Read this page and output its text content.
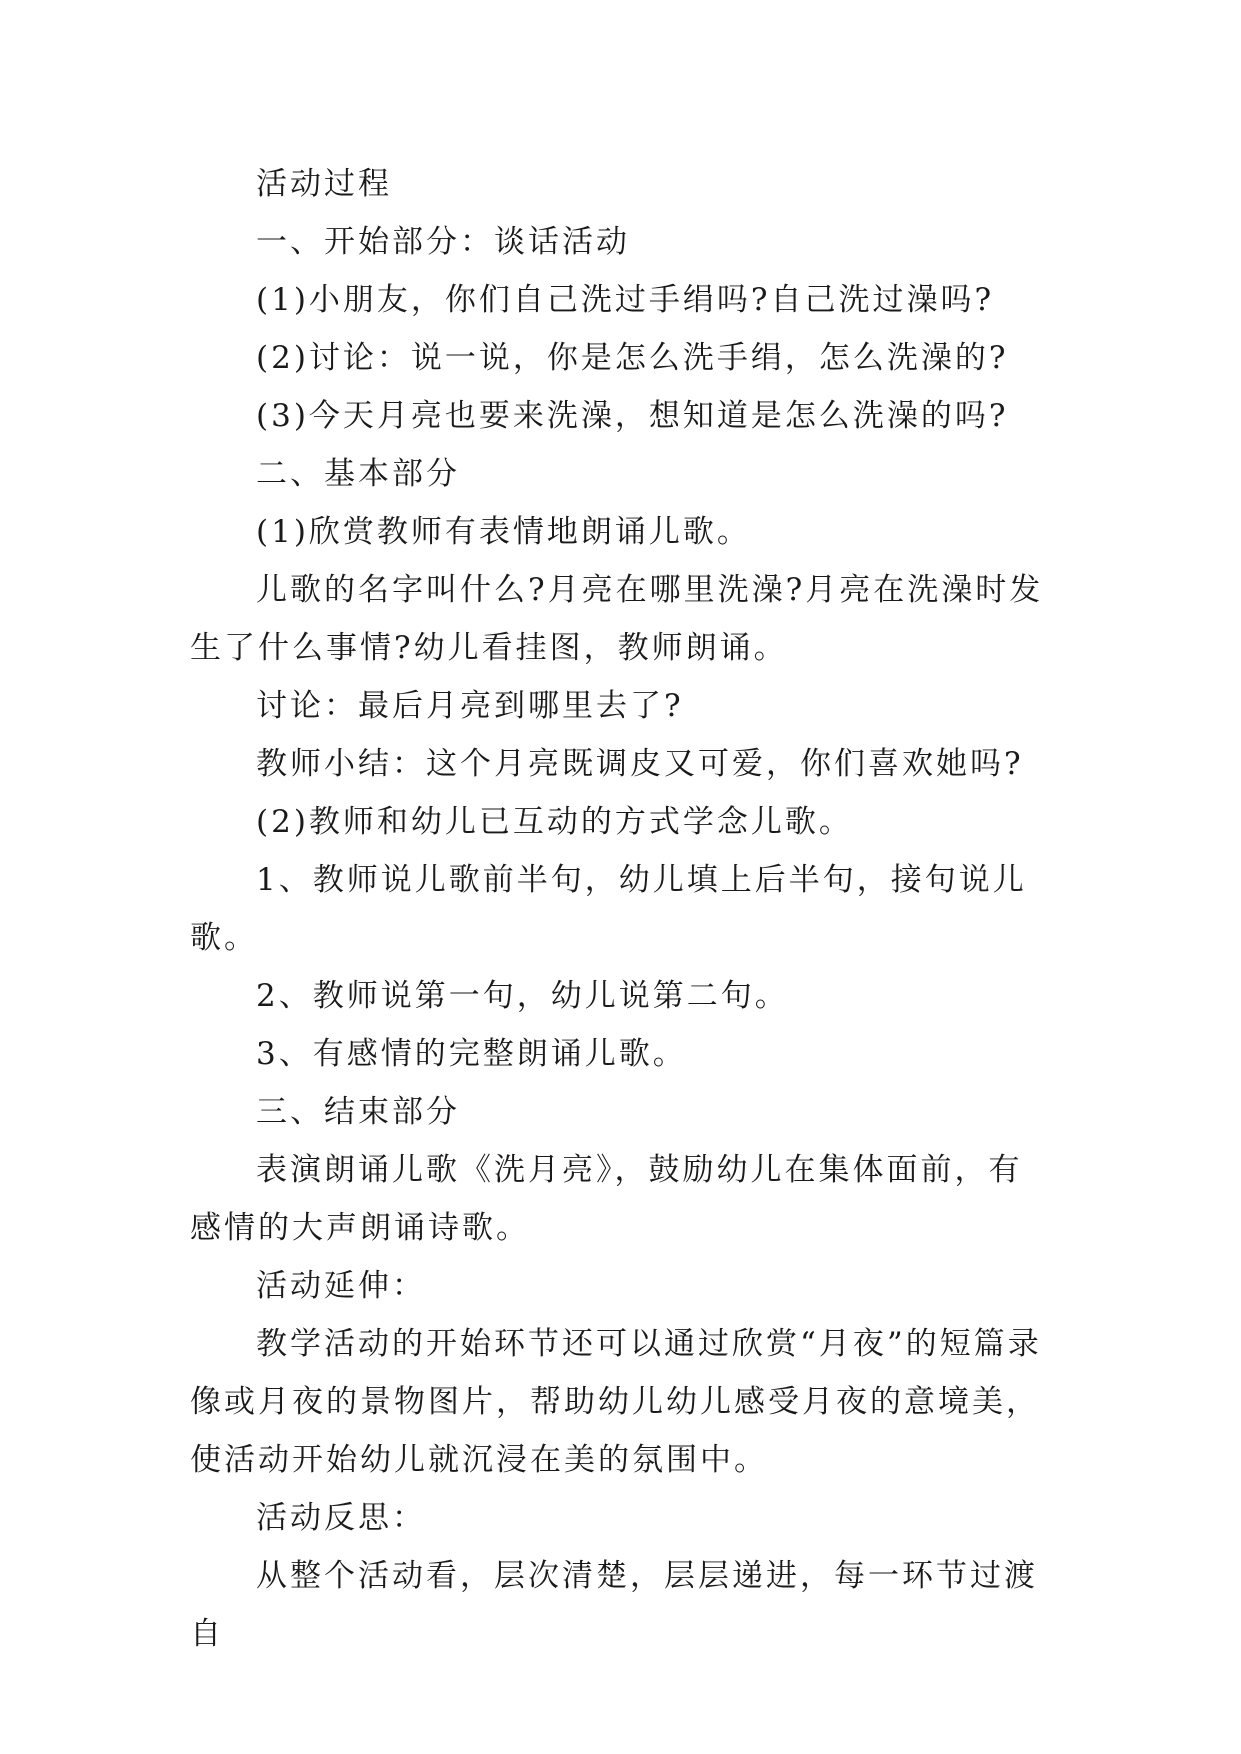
活动过程

一、开始部分：谈话活动

(1)小朋友，你们自己洗过手绢吗?自己洗过澡吗?

(2)讨论：说一说，你是怎么洗手绢，怎么洗澡的?

(3)今天月亮也要来洗澡，想知道是怎么洗澡的吗?

二、基本部分

(1)欣赏教师有表情地朗诵儿歌。

儿歌的名字叫什么?月亮在哪里洗澡?月亮在洗澡时发生了什么事情?幼儿看挂图，教师朗诵。

讨论：最后月亮到哪里去了?

教师小结：这个月亮既调皮又可爱，你们喜欢她吗?

(2)教师和幼儿已互动的方式学念儿歌。

1、教师说儿歌前半句，幼儿填上后半句，接句说儿歌。

2、教师说第一句，幼儿说第二句。

3、有感情的完整朗诵儿歌。

三、结束部分

表演朗诵儿歌《洗月亮》，鼓励幼儿在集体面前，有感情的大声朗诵诗歌。

活动延伸：

教学活动的开始环节还可以通过欣赏“月夜”的短篇录像或月夜的景物图片，帮助幼儿幼儿感受月夜的意境美，使活动开始幼儿就沉浸在美的氛围中。

活动反思：

从整个活动看，层次清楚，层层递进，每一环节过渡自
